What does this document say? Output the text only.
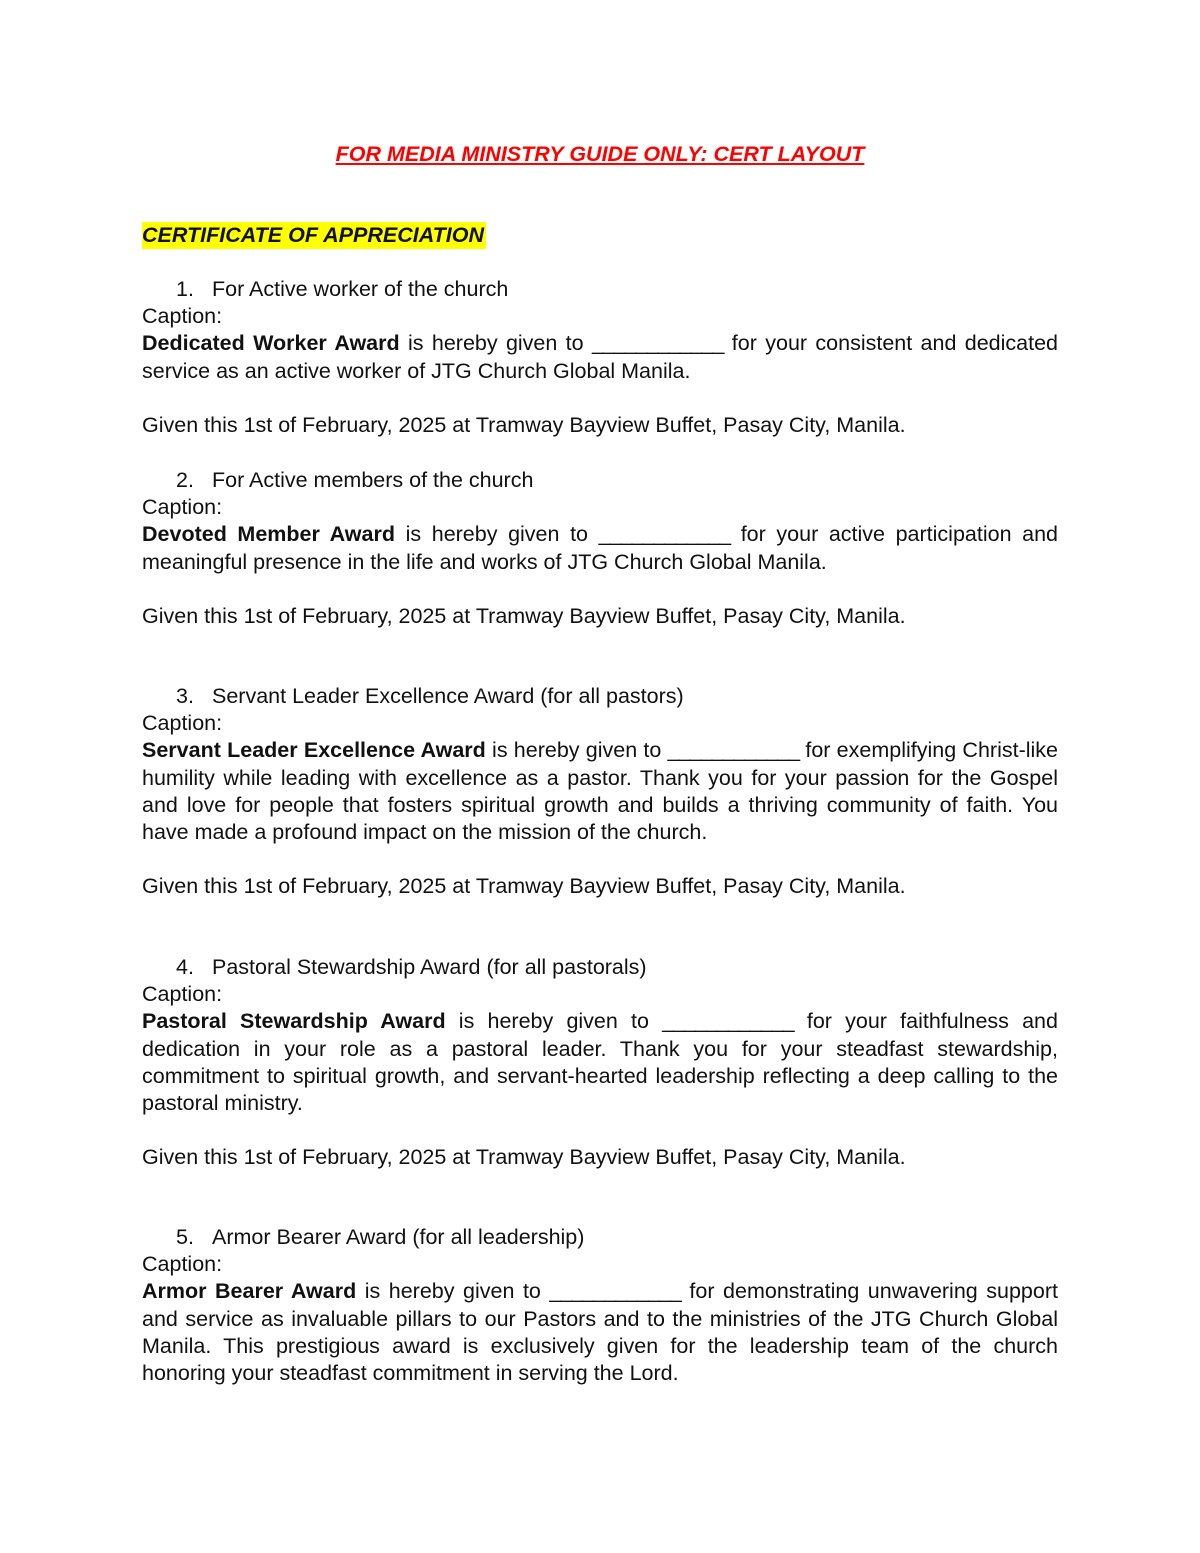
FOR MEDIA MINISTRY GUIDE ONLY: CERT LAYOUT
CERTIFICATE OF APPRECIATION
1. For Active worker of the church
Caption:
Dedicated Worker Award is hereby given to ____________ for your consistent and dedicated service as an active worker of JTG Church Global Manila.
Given this 1st of February, 2025 at Tramway Bayview Buffet, Pasay City, Manila.
2. For Active members of the church
Caption:
Devoted Member Award is hereby given to ____________ for your active participation and meaningful presence in the life and works of JTG Church Global Manila.
Given this 1st of February, 2025 at Tramway Bayview Buffet, Pasay City, Manila.
3. Servant Leader Excellence Award (for all pastors)
Caption:
Servant Leader Excellence Award is hereby given to ____________ for exemplifying Christ-like humility while leading with excellence as a pastor. Thank you for your passion for the Gospel and love for people that fosters spiritual growth and builds a thriving community of faith. You have made a profound impact on the mission of the church.
Given this 1st of February, 2025 at Tramway Bayview Buffet, Pasay City, Manila.
4. Pastoral Stewardship Award (for all pastorals)
Caption:
Pastoral Stewardship Award is hereby given to ____________ for your faithfulness and dedication in your role as a pastoral leader. Thank you for your steadfast stewardship, commitment to spiritual growth, and servant-hearted leadership reflecting a deep calling to the pastoral ministry.
Given this 1st of February, 2025 at Tramway Bayview Buffet, Pasay City, Manila.
5. Armor Bearer Award (for all leadership)
Caption:
Armor Bearer Award is hereby given to ____________ for demonstrating unwavering support and service as invaluable pillars to our Pastors and to the ministries of the JTG Church Global Manila. This prestigious award is exclusively given for the leadership team of the church honoring your steadfast commitment in serving the Lord.
